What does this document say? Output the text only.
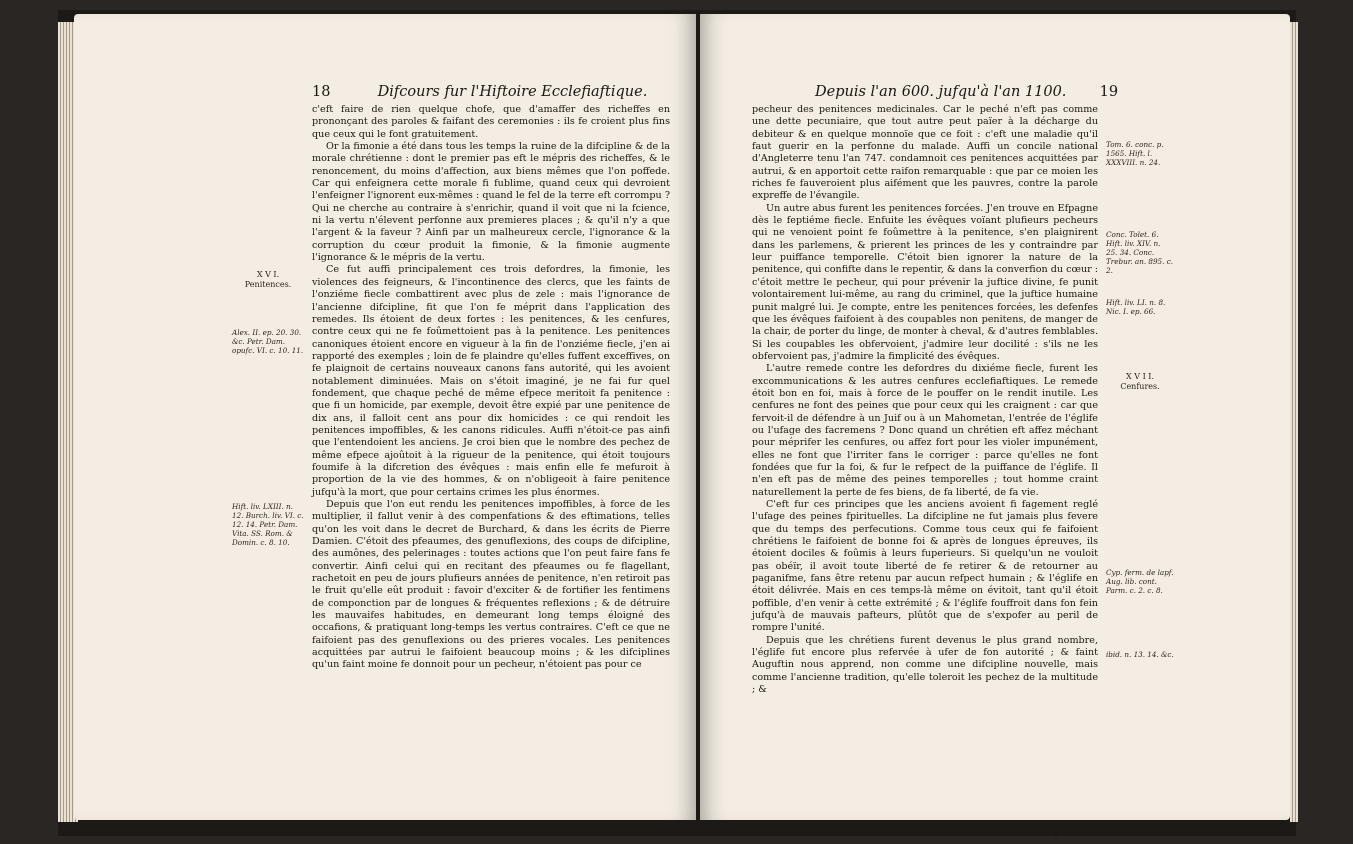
18	Difcours fur l'Hiftoire Ecclefiaftique.

c'eft faire de rien quelque chofe, que d'amaffer des richeffes en prononçant des paroles & faifant des ceremonies : ils fe croient plus fins que ceux qui le font gratuitement.

Or la fimonie a été dans tous les temps la ruine de la difcipline & de la morale chrétienne : dont le premier pas eft le mépris des richeffes, & le renoncement, du moins d'affection, aux biens mêmes que l'on poffede. Car qui enfeignera cette morale fi fublime, quand ceux qui devroient l'enfeigner l'ignorent eux-mêmes : quand le fel de la terre eft corrompu ? Qui ne cherche au contraire à s'enrichir, quand il voit que ni la fcience, ni la vertu n'élevent perfonne aux premieres places ; & qu'il n'y a que l'argent & la faveur ? Ainfi par un malheureux cercle, l'ignorance & la corruption du cœur produit la fimonie, & la fimonie augmente l'ignorance & le mépris de la vertu.

Ce fut auffi principalement ces trois defordres, la fimonie, les violences des feigneurs, & l'incontinence des clercs, que les faints de l'onziéme fiecle combattirent avec plus de zele : mais l'ignorance de l'ancienne difcipline, fit que l'on fe méprit dans l'application des remedes. Ils étoient de deux fortes : les penitences, & les cenfures, contre ceux qui ne fe foûmettoient pas à la penitence. Les penitences canoniques étoient encore en vigueur à la fin de l'onziéme fiecle, j'en ai rapporté des exemples ; loin de fe plaindre qu'elles fuffent exceffives, on fe plaignoit de certains nouveaux canons fans autorité, qui les avoient notablement diminuées. Mais on s'étoit imaginé, je ne fai fur quel fondement, que chaque peché de même efpece meritoit fa penitence : que fi un homicide, par exemple, devoit être expié par une penitence de dix ans, il falloit cent ans pour dix homicides : ce qui rendoit les penitences impoffibles, & les canons ridicules. Auffi n'étoit-ce pas ainfi que l'entendoient les anciens. Je croi bien que le nombre des pechez de même efpece ajoûtoit à la rigueur de la penitence, qui étoit toujours foumife à la difcretion des évêques : mais enfin elle fe mefuroit à proportion de la vie des hommes, & on n'obligeoit à faire penitence jufqu'à la mort, que pour certains crimes les plus énormes.

Depuis que l'on eut rendu les penitences impoffibles, à force de les multiplier, il fallut venir à des compenfations & des eftimations, telles qu'on les voit dans le decret de Burchard, & dans les écrits de Pierre Damien. C'étoit des pfeaumes, des genuflexions, des coups de difcipline, des aumônes, des pelerinages : toutes actions que l'on peut faire fans fe convertir. Ainfi celui qui en recitant des pfeaumes ou fe flagellant, rachetoit en peu de jours plufieurs années de penitence, n'en retiroit pas le fruit qu'elle eût produit : favoir d'exciter & de fortifier les fentimens de componction par de longues & fréquentes reflexions ; & de détruire les mauvaifes habitudes, en demeurant long temps éloigné des occafions, & pratiquant long-temps les vertus contraires. C'eft ce que ne faifoient pas des genuflexions ou des prieres vocales. Les penitences acquittées par autrui le faifoient beaucoup moins ; & les difciplines qu'un faint moine fe donnoit pour un pecheur, n'étoient pas pour ce

X V I.
Penitences.
Alex. II. ep. 20. 30. &c. Petr. Dam. opufc. VI. c. 10. 11.
Hift. liv. LXIII. n. 12. Burch. liv. VI. c. 12. 14. Petr. Dam. Vita. SS. Rom. & Domin. c. 8. 10.
Depuis l'an 600. jufqu'à l'an 1100. 19

pecheur des penitences medicinales. Car le peché n'eft pas comme une dette pecuniaire, que tout autre peut païer à la décharge du debiteur & en quelque monnoïe que ce foit : c'eft une maladie qu'il faut guerir en la perfonne du malade. Auffi un concile national d'Angleterre tenu l'an 747. condamnoit ces penitences acquittées par autrui, & en apportoit cette raifon remarquable : que par ce moien les riches fe fauveroient plus aifément que les pauvres, contre la parole expreffe de l'évangile.

Un autre abus furent les penitences forcées. J'en trouve en Efpagne dès le feptiéme fiecle. Enfuite les évêques voïant plufieurs pecheurs qui ne venoient point fe foûmettre à la penitence, s'en plaignirent dans les parlemens, & prierent les princes de les y contraindre par leur puiffance temporelle. C'étoit bien ignorer la nature de la penitence, qui confifte dans le repentir, & dans la converfion du cœur : c'étoit mettre le pecheur, qui pour prévenir la juftice divine, fe punit volontairement lui-même, au rang du criminel, que la juftice humaine punit malgré lui. Je compte, entre les penitences forcées, les defenfes que les évêques faifoient à des coupables non penitens, de manger de la chair, de porter du linge, de monter à cheval, & d'autres femblables. Si les coupables les obfervoient, j'admire leur docilité : s'ils ne les obfervoient pas, j'admire la fimplicité des évêques.

L'autre remede contre les defordres du dixiéme fiecle, furent les excommunications & les autres cenfures ecclefiaftiques. Le remede étoit bon en foi, mais à force de le pouffer on le rendit inutile. Les cenfures ne font des peines que pour ceux qui les craignent : car que fervoit-il de défendre à un Juif ou à un Mahometan, l'entrée de l'églife ou l'ufage des facremens ? Donc quand un chrétien eft affez méchant pour méprifer les cenfures, ou affez fort pour les violer impunément, elles ne font que l'irriter fans le corriger : parce qu'elles ne font fondées que fur la foi, & fur le refpect de la puiffance de l'églife. Il n'en eft pas de même des peines temporelles ; tout homme craint naturellement la perte de fes biens, de fa liberté, de fa vie.

C'eft fur ces principes que les anciens avoient fi fagement reglé l'ufage des peines fpirituelles. La difcipline ne fut jamais plus fevere que du temps des perfecutions. Comme tous ceux qui fe faifoient chrétiens le faifoient de bonne foi & après de longues épreuves, ils étoient dociles & foûmis à leurs fuperieurs. Si quelqu'un ne vouloit pas obéïr, il avoit toute liberté de fe retirer & de retourner au paganifme, fans être retenu par aucun refpect humain ; & l'églife en étoit délivrée. Mais en ces temps-là même on évitoit, tant qu'il étoit poffible, d'en venir à cette extrémité ; & l'églife fouffroit dans fon fein jufqu'à de mauvais pafteurs, plûtôt que de s'expofer au peril de rompre l'unité.

Depuis que les chrétiens furent devenus le plus grand nombre, l'églife fut encore plus refervée à ufer de fon autorité ; & faint Auguftin nous apprend, non comme une difcipline nouvelle, mais comme l'ancienne tradition, qu'elle toleroit les pechez de la multitude ; &

Tom. 6. conc. p. 1565. Hift. l. XXXVIII. n. 24.
Conc. Tolet. 6. Hift. liv. XIV. n. 25. 34. Conc. Trebur. an. 895. c. 2.
Hift. liv. LI. n. 8. Nic. I. ep. 66.
X V I I.
Cenfures.
Cyp. ferm. de lapf. Aug. lib. cont. Parm. c. 2. c. 8.
ibid. n. 13. 14. &c.
c ij
